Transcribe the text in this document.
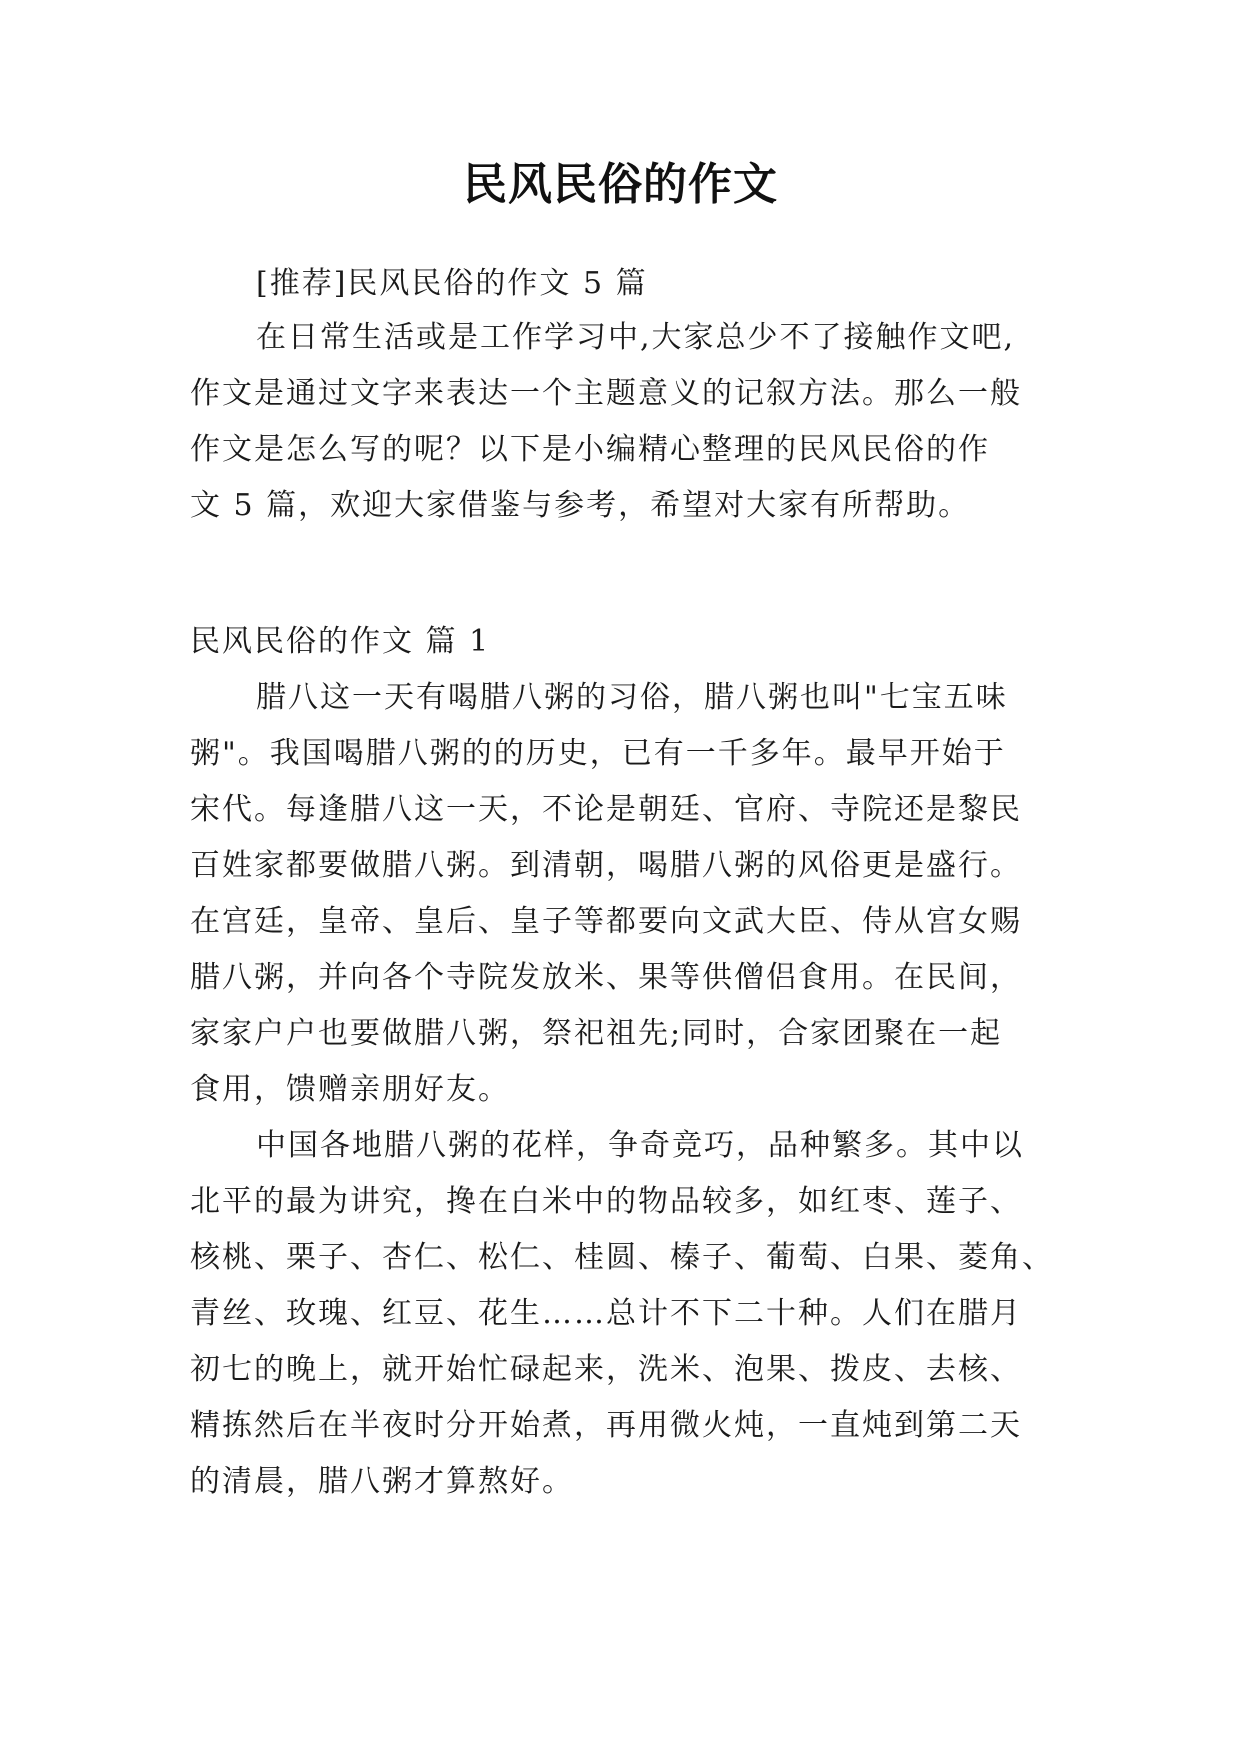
民风民俗的作文
[推荐]民风民俗的作文 5 篇
在日常生活或是工作学习中,大家总少不了接触作文吧,
作文是通过文字来表达一个主题意义的记叙方法。那么一般
作文是怎么写的呢？以下是小编精心整理的民风民俗的作
文 5 篇，欢迎大家借鉴与参考，希望对大家有所帮助。
民风民俗的作文 篇 1
腊八这一天有喝腊八粥的习俗，腊八粥也叫"七宝五味
粥"。我国喝腊八粥的的历史，已有一千多年。最早开始于
宋代。每逢腊八这一天，不论是朝廷、官府、寺院还是黎民
百姓家都要做腊八粥。到清朝，喝腊八粥的风俗更是盛行。
在宫廷，皇帝、皇后、皇子等都要向文武大臣、侍从宫女赐
腊八粥，并向各个寺院发放米、果等供僧侣食用。在民间，
家家户户也要做腊八粥，祭祀祖先;同时，合家团聚在一起
食用，馈赠亲朋好友。
中国各地腊八粥的花样，争奇竞巧，品种繁多。其中以
北平的最为讲究，搀在白米中的物品较多，如红枣、莲子、
核桃、栗子、杏仁、松仁、桂圆、榛子、葡萄、白果、菱角、
青丝、玫瑰、红豆、花生……总计不下二十种。人们在腊月
初七的晚上，就开始忙碌起来，洗米、泡果、拨皮、去核、
精拣然后在半夜时分开始煮，再用微火炖，一直炖到第二天
的清晨，腊八粥才算熬好。
